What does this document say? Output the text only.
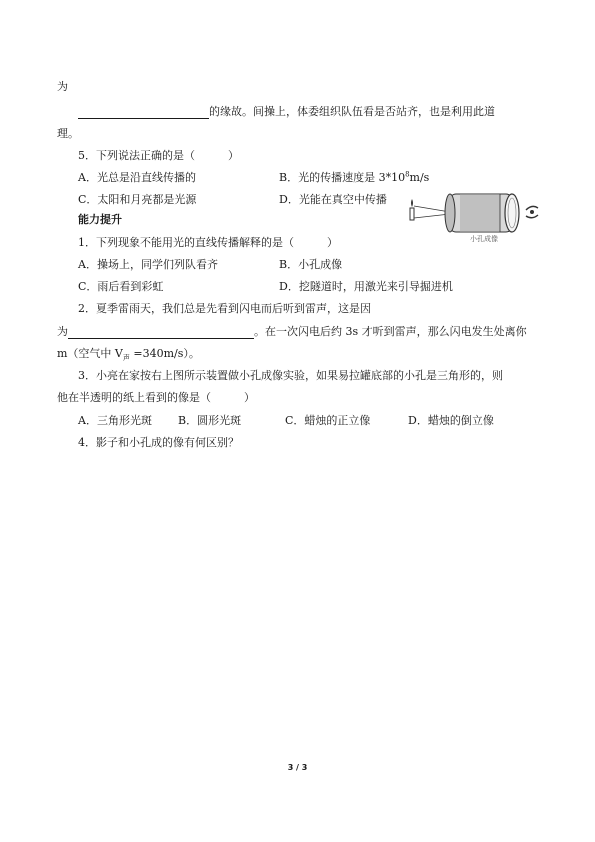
为
的缘故。间操上，体委组织队伍看是否站齐，也是利用此道
理。
5．下列说法正确的是（　　　）
A．光总是沿直线传播的	B．光的传播速度是 $3*10^8m/s$
C．太阳和月亮都是光源	D．光能在真空中传播
小孔成像
能力提升
1．下列现象不能用光的直线传播解释的是（　　　）
A．操场上，同学们列队看齐	B．小孔成像
C．雨后看到彩虹	D．挖隧道时，用激光来引导掘进机
2．夏季雷雨天，我们总是先看到闪电而后听到雷声，这是因
为	。在一次闪电后约 3s 才听到雷声，那么闪电发生处离你
m（空气中 $V_声 =340m/s$）。
3．小亮在家按右上图所示装置做小孔成像实验，如果易拉罐底部的小孔是三角形的，则
他在半透明的纸上看到的像是（　　　）
A．三角形光斑 B．圆形光斑	C．蜡烛的正立像	D．蜡烛的倒立像
4．影子和小孔成的像有何区别？
3 / 3
